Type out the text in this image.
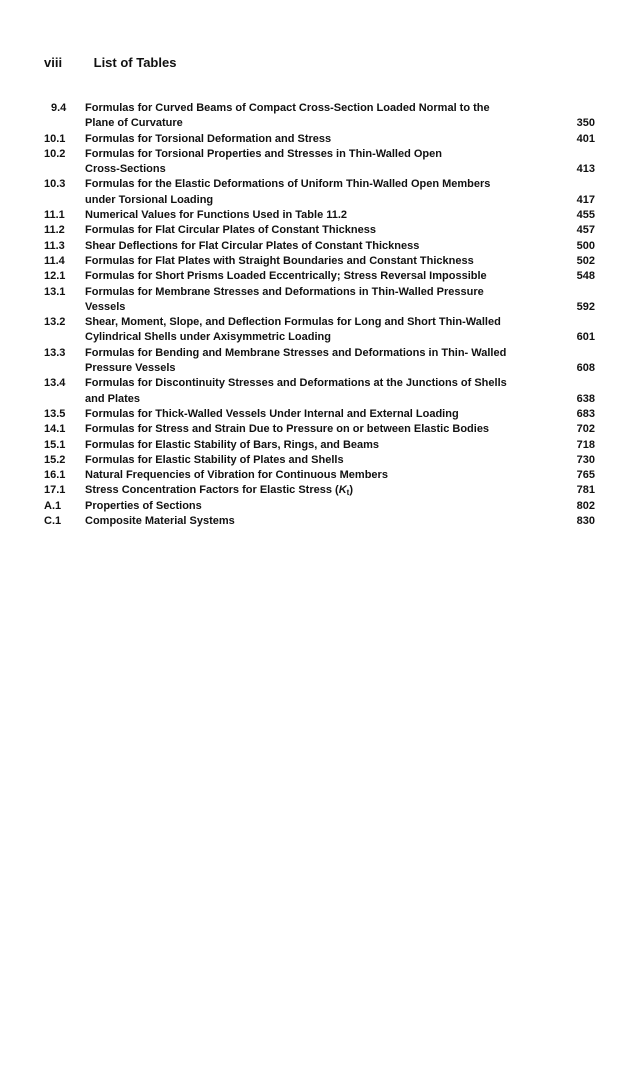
viii List of Tables
9.4	Formulas for Curved Beams of Compact Cross-Section Loaded Normal to the
Plane of Curvature	350
10.1	Formulas for Torsional Deformation and Stress	401
10.2	Formulas for Torsional Properties and Stresses in Thin-Walled Open
Cross-Sections	413
10.3	Formulas for the Elastic Deformations of Uniform Thin-Walled Open Members
under Torsional Loading	417
11.1	Numerical Values for Functions Used in Table 11.2	455
11.2	Formulas for Flat Circular Plates of Constant Thickness	457
11.3	Shear Deflections for Flat Circular Plates of Constant Thickness	500
11.4	Formulas for Flat Plates with Straight Boundaries and Constant Thickness	502
12.1	Formulas for Short Prisms Loaded Eccentrically; Stress Reversal Impossible	548
13.1	Formulas for Membrane Stresses and Deformations in Thin-Walled Pressure
Vessels	592
13.2	Shear, Moment, Slope, and Deflection Formulas for Long and Short Thin-Walled
Cylindrical Shells under Axisymmetric Loading	601
13.3	Formulas for Bending and Membrane Stresses and Deformations in Thin- Walled
Pressure Vessels	608
13.4	Formulas for Discontinuity Stresses and Deformations at the Junctions of Shells
and Plates	638
13.5	Formulas for Thick-Walled Vessels Under Internal and External Loading	683
14.1	Formulas for Stress and Strain Due to Pressure on or between Elastic Bodies	702
15.1	Formulas for Elastic Stability of Bars, Rings, and Beams	718
15.2	Formulas for Elastic Stability of Plates and Shells	730
16.1	Natural Frequencies of Vibration for Continuous Members	765
17.1	Stress Concentration Factors for Elastic Stress $(K_t)$	781
A.1	Properties of Sections	802
C.1	Composite Material Systems	830
